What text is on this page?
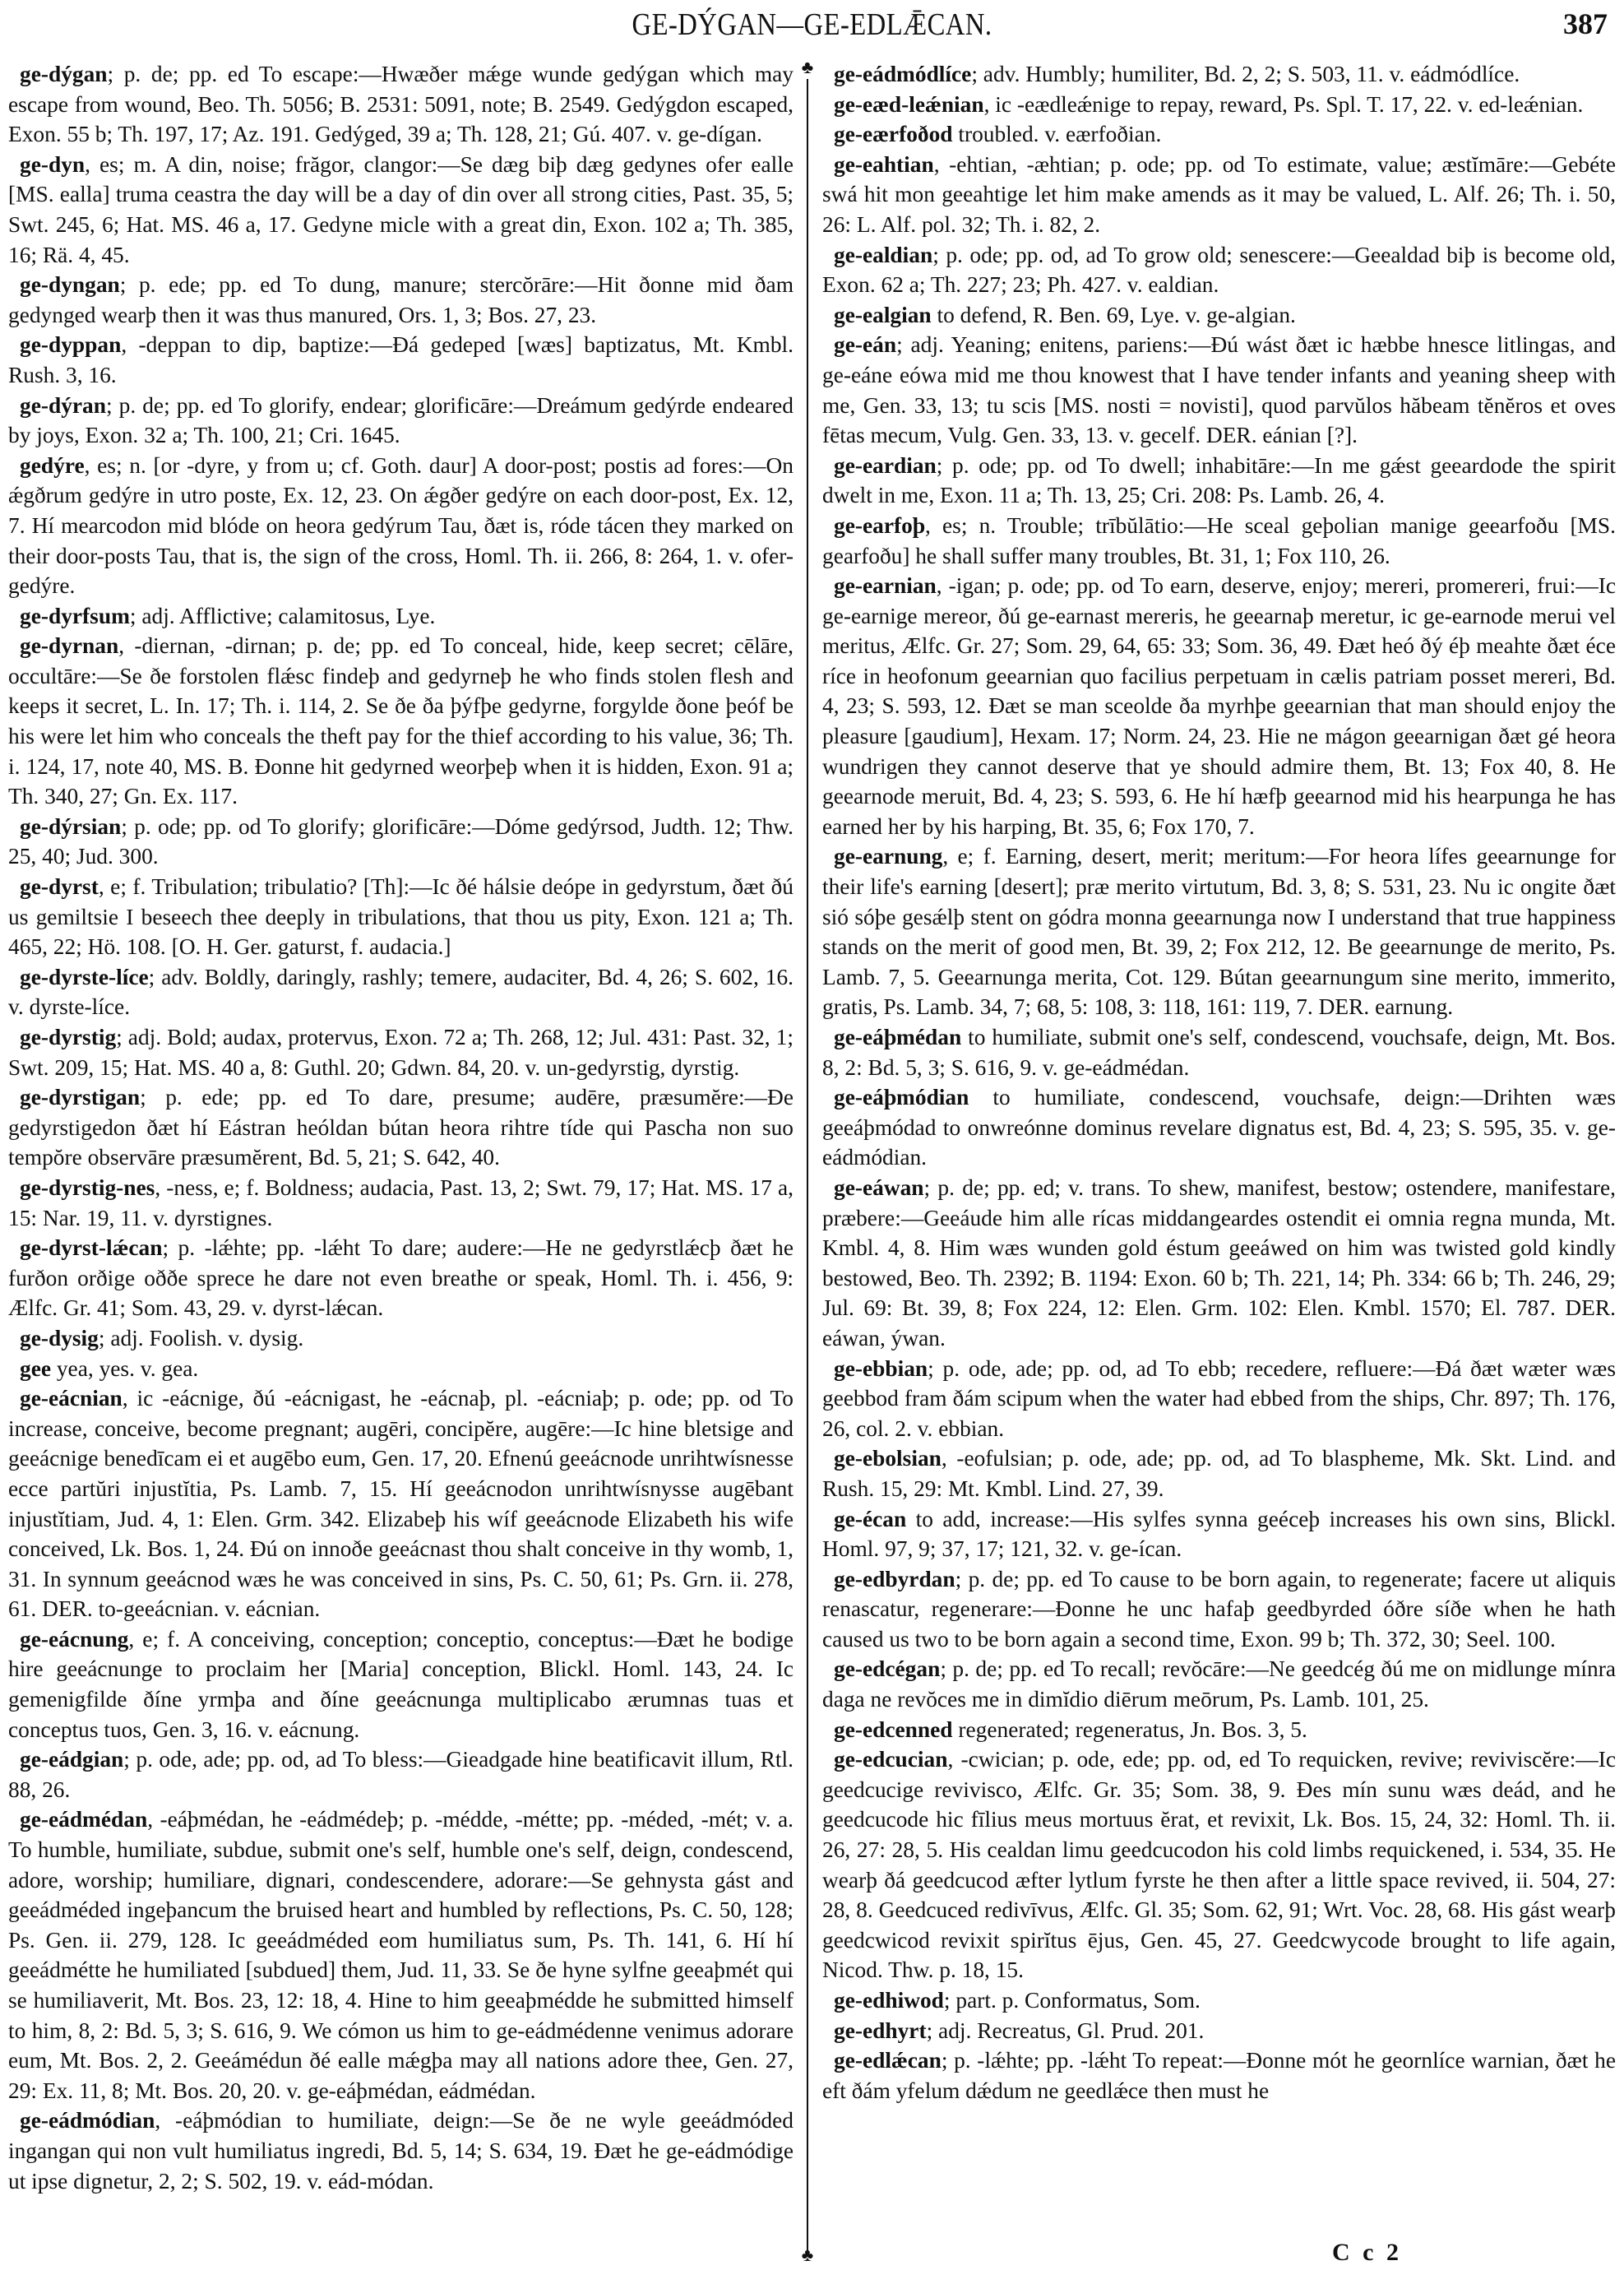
GE-DÝGAN—GE-EDLǢCAN.	387
♣
♣

ge-dýgan; p. de; pp. ed To escape:—Hwæðer mǽge wunde gedýgan which may escape from wound, Beo. Th. 5056; B. 2531: 5091, note; B. 2549. Gedýgdon escaped, Exon. 55 b; Th. 197, 17; Az. 191. Gedýged, 39 a; Th. 128, 21; Gú. 407. v. ge-dígan.

ge-dyn, es; m. A din, noise; frăgor, clangor:—Se dæg biþ dæg gedynes ofer ealle [MS. ealla] truma ceastra the day will be a day of din over all strong cities, Past. 35, 5; Swt. 245, 6; Hat. MS. 46 a, 17. Gedyne micle with a great din, Exon. 102 a; Th. 385, 16; Rä. 4, 45.

ge-dyngan; p. ede; pp. ed To dung, manure; stercŏrāre:—Hit ðonne mid ðam gedynged wearþ then it was thus manured, Ors. 1, 3; Bos. 27, 23.

ge-dyppan, -deppan to dip, baptize:—Ðá gedeped [wæs] baptizatus, Mt. Kmbl. Rush. 3, 16.

ge-dýran; p. de; pp. ed To glorify, endear; glorificāre:—Dreámum gedýrde endeared by joys, Exon. 32 a; Th. 100, 21; Cri. 1645.

gedýre, es; n. [or -dyre, y from u; cf. Goth. daur] A door-post; postis ad fores:—On ǽgðrum gedýre in utro poste, Ex. 12, 23. On ǽgðer gedýre on each door-post, Ex. 12, 7. Hí mearcodon mid blóde on heora gedýrum Tau, ðæt is, róde tácen they marked on their door-posts Tau, that is, the sign of the cross, Homl. Th. ii. 266, 8: 264, 1. v. ofer-gedýre.

ge-dyrfsum; adj. Afflictive; calamitosus, Lye.

ge-dyrnan, -diernan, -dirnan; p. de; pp. ed To conceal, hide, keep secret; cēlāre, occultāre:—Se ðe forstolen flǽsc findeþ and gedyrneþ he who finds stolen flesh and keeps it secret, L. In. 17; Th. i. 114, 2. Se ðe ða þýfþe gedyrne, forgylde ðone þeóf be his were let him who conceals the theft pay for the thief according to his value, 36; Th. i. 124, 17, note 40, MS. B. Ðonne hit gedyrned weorþeþ when it is hidden, Exon. 91 a; Th. 340, 27; Gn. Ex. 117.

ge-dýrsian; p. ode; pp. od To glorify; glorificāre:—Dóme gedýrsod, Judth. 12; Thw. 25, 40; Jud. 300.

ge-dyrst, e; f. Tribulation; tribulatio? [Th]:—Ic ðé hálsie deópe in gedyrstum, ðæt ðú us gemiltsie I beseech thee deeply in tribulations, that thou us pity, Exon. 121 a; Th. 465, 22; Hö. 108. [O. H. Ger. gaturst, f. audacia.]

ge-dyrste-líce; adv. Boldly, daringly, rashly; temere, audaciter, Bd. 4, 26; S. 602, 16. v. dyrste-líce.

ge-dyrstig; adj. Bold; audax, protervus, Exon. 72 a; Th. 268, 12; Jul. 431: Past. 32, 1; Swt. 209, 15; Hat. MS. 40 a, 8: Guthl. 20; Gdwn. 84, 20. v. un-gedyrstig, dyrstig.

ge-dyrstigan; p. ede; pp. ed To dare, presume; audēre, præsumĕre:—Ðe gedyrstigedon ðæt hí Eástran heóldan bútan heora rihtre tíde qui Pascha non suo tempŏre observāre præsumĕrent, Bd. 5, 21; S. 642, 40.

ge-dyrstig-nes, -ness, e; f. Boldness; audacia, Past. 13, 2; Swt. 79, 17; Hat. MS. 17 a, 15: Nar. 19, 11. v. dyrstignes.

ge-dyrst-lǽcan; p. -lǽhte; pp. -lǽht To dare; audere:—He ne gedyrstlǽcþ ðæt he furðon orðige oððe sprece he dare not even breathe or speak, Homl. Th. i. 456, 9: Ælfc. Gr. 41; Som. 43, 29. v. dyrst-lǽcan.

ge-dysig; adj. Foolish. v. dysig.

gee yea, yes. v. gea.

ge-eácnian, ic -eácnige, ðú -eácnigast, he -eácnaþ, pl. -eácniaþ; p. ode; pp. od To increase, conceive, become pregnant; augēri, concipĕre, augēre:—Ic hine bletsige and geeácnige benedīcam ei et augēbo eum, Gen. 17, 20. Efnenú geeácnode unrihtwísnesse ecce partŭri injustĭtia, Ps. Lamb. 7, 15. Hí geeácnodon unrihtwísnysse augēbant injustĭtiam, Jud. 4, 1: Elen. Grm. 342. Elizabeþ his wíf geeácnode Elizabeth his wife conceived, Lk. Bos. 1, 24. Ðú on innoðe geeácnast thou shalt conceive in thy womb, 1, 31. In synnum geeácnod wæs he was conceived in sins, Ps. C. 50, 61; Ps. Grn. ii. 278, 61. DER. to-geeácnian. v. eácnian.

ge-eácnung, e; f. A conceiving, conception; conceptio, conceptus:—Ðæt he bodige hire geeácnunge to proclaim her [Maria] conception, Blickl. Homl. 143, 24. Ic gemenigfilde ðíne yrmþa and ðíne geeácnunga multiplicabo ærumnas tuas et conceptus tuos, Gen. 3, 16. v. eácnung.

ge-eádgian; p. ode, ade; pp. od, ad To bless:—Gieadgade hine beatificavit illum, Rtl. 88, 26.

ge-eádmédan, -eáþmédan, he -eádmédeþ; p. -médde, -métte; pp. -méded, -mét; v. a. To humble, humiliate, subdue, submit one's self, humble one's self, deign, condescend, adore, worship; humiliare, dignari, condescendere, adorare:—Se gehnysta gást and geeádméded ingeþancum the bruised heart and humbled by reflections, Ps. C. 50, 128; Ps. Gen. ii. 279, 128. Ic geeádméded eom humiliatus sum, Ps. Th. 141, 6. Hí hí geeádmétte he humiliated [subdued] them, Jud. 11, 33. Se ðe hyne sylfne geeaþmét qui se humiliaverit, Mt. Bos. 23, 12: 18, 4. Hine to him geeaþmédde he submitted himself to him, 8, 2: Bd. 5, 3; S. 616, 9. We cómon us him to ge-eádmédenne venimus adorare eum, Mt. Bos. 2, 2. Geeámédun ðé ealle mǽgþa may all nations adore thee, Gen. 27, 29: Ex. 11, 8; Mt. Bos. 20, 20. v. ge-eáþmédan, eádmédan.

ge-eádmódian, -eáþmódian to humiliate, deign:—Se ðe ne wyle geeádmóded ingangan qui non vult humiliatus ingredi, Bd. 5, 14; S. 634, 19. Ðæt he ge-eádmódige ut ipse dignetur, 2, 2; S. 502, 19. v. eád-módan.

ge-eádmódlíce; adv. Humbly; humiliter, Bd. 2, 2; S. 503, 11. v. eádmódlíce.

ge-eæd-leǽnian, ic -eædleǽnige to repay, reward, Ps. Spl. T. 17, 22. v. ed-leǽnian.

ge-eærfoðod troubled. v. eærfoðian.

ge-eahtian, -ehtian, -æhtian; p. ode; pp. od To estimate, value; æstĭmāre:—Gebéte swá hit mon geeahtige let him make amends as it may be valued, L. Alf. 26; Th. i. 50, 26: L. Alf. pol. 32; Th. i. 82, 2.

ge-ealdian; p. ode; pp. od, ad To grow old; senescere:—Geealdad biþ is become old, Exon. 62 a; Th. 227; 23; Ph. 427. v. ealdian.

ge-ealgian to defend, R. Ben. 69, Lye. v. ge-algian.

ge-eán; adj. Yeaning; enitens, pariens:—Ðú wást ðæt ic hæbbe hnesce litlingas, and ge-eáne eówa mid me thou knowest that I have tender infants and yeaning sheep with me, Gen. 33, 13; tu scis [MS. nosti = novisti], quod parvŭlos hăbeam tĕnĕros et oves fētas mecum, Vulg. Gen. 33, 13. v. gecelf. DER. eánian [?].

ge-eardian; p. ode; pp. od To dwell; inhabitāre:—In me gǽst geeardode the spirit dwelt in me, Exon. 11 a; Th. 13, 25; Cri. 208: Ps. Lamb. 26, 4.

ge-earfoþ, es; n. Trouble; trībŭlātio:—He sceal geþolian manige geearfoðu [MS. gearfoðu] he shall suffer many troubles, Bt. 31, 1; Fox 110, 26.

ge-earnian, -igan; p. ode; pp. od To earn, deserve, enjoy; mereri, promereri, frui:—Ic ge-earnige mereor, ðú ge-earnast mereris, he geearnaþ meretur, ic ge-earnode merui vel meritus, Ælfc. Gr. 27; Som. 29, 64, 65: 33; Som. 36, 49. Ðæt heó ðý éþ meahte ðæt éce ríce in heofonum geearnian quo facilius perpetuam in cælis patriam posset mereri, Bd. 4, 23; S. 593, 12. Ðæt se man sceolde ða myrhþe geearnian that man should enjoy the pleasure [gaudium], Hexam. 17; Norm. 24, 23. Hie ne mágon geearnigan ðæt gé heora wundrigen they cannot deserve that ye should admire them, Bt. 13; Fox 40, 8. He geearnode meruit, Bd. 4, 23; S. 593, 6. He hí hæfþ geearnod mid his hearpunga he has earned her by his harping, Bt. 35, 6; Fox 170, 7.

ge-earnung, e; f. Earning, desert, merit; meritum:—For heora lífes geearnunge for their life's earning [desert]; præ merito virtutum, Bd. 3, 8; S. 531, 23. Nu ic ongite ðæt sió sóþe gesǽlþ stent on gódra monna geearnunga now I understand that true happiness stands on the merit of good men, Bt. 39, 2; Fox 212, 12. Be geearnunge de merito, Ps. Lamb. 7, 5. Geearnunga merita, Cot. 129. Bútan geearnungum sine merito, immerito, gratis, Ps. Lamb. 34, 7; 68, 5: 108, 3: 118, 161: 119, 7. DER. earnung.

ge-eáþmédan to humiliate, submit one's self, condescend, vouchsafe, deign, Mt. Bos. 8, 2: Bd. 5, 3; S. 616, 9. v. ge-eádmédan.

ge-eáþmódian to humiliate, condescend, vouchsafe, deign:—Drihten wæs geeáþmódad to onwreónne dominus revelare dignatus est, Bd. 4, 23; S. 595, 35. v. ge-eádmódian.

ge-eáwan; p. de; pp. ed; v. trans. To shew, manifest, bestow; ostendere, manifestare, præbere:—Geeáude him alle rícas middangeardes ostendit ei omnia regna munda, Mt. Kmbl. 4, 8. Him wæs wunden gold éstum geeáwed on him was twisted gold kindly bestowed, Beo. Th. 2392; B. 1194: Exon. 60 b; Th. 221, 14; Ph. 334: 66 b; Th. 246, 29; Jul. 69: Bt. 39, 8; Fox 224, 12: Elen. Grm. 102: Elen. Kmbl. 1570; El. 787. DER. eáwan, ýwan.

ge-ebbian; p. ode, ade; pp. od, ad To ebb; recedere, refluere:—Ðá ðæt wæter wæs geebbod fram ðám scipum when the water had ebbed from the ships, Chr. 897; Th. 176, 26, col. 2. v. ebbian.

ge-ebolsian, -eofulsian; p. ode, ade; pp. od, ad To blaspheme, Mk. Skt. Lind. and Rush. 15, 29: Mt. Kmbl. Lind. 27, 39.

ge-écan to add, increase:—His sylfes synna geéceþ increases his own sins, Blickl. Homl. 97, 9; 37, 17; 121, 32. v. ge-ícan.

ge-edbyrdan; p. de; pp. ed To cause to be born again, to regenerate; facere ut aliquis renascatur, regenerare:—Ðonne he unc hafaþ geedbyrded óðre síðe when he hath caused us two to be born again a second time, Exon. 99 b; Th. 372, 30; Seel. 100.

ge-edcégan; p. de; pp. ed To recall; revŏcāre:—Ne geedcég ðú me on midlunge mínra daga ne revŏces me in dimĭdio diērum meōrum, Ps. Lamb. 101, 25.

ge-edcenned regenerated; regeneratus, Jn. Bos. 3, 5.

ge-edcucian, -cwician; p. ode, ede; pp. od, ed To requicken, revive; reviviscĕre:—Ic geedcucige revivisco, Ælfc. Gr. 35; Som. 38, 9. Ðes mín sunu wæs deád, and he geedcucode hic fīlius meus mortuus ĕrat, et revixit, Lk. Bos. 15, 24, 32: Homl. Th. ii. 26, 27: 28, 5. His cealdan limu geedcucodon his cold limbs requickened, i. 534, 35. He wearþ ðá geedcucod æfter lytlum fyrste he then after a little space revived, ii. 504, 27: 28, 8. Geedcuced redivīvus, Ælfc. Gl. 35; Som. 62, 91; Wrt. Voc. 28, 68. His gást wearþ geedcwicod revixit spirĭtus ējus, Gen. 45, 27. Geedcwycode brought to life again, Nicod. Thw. p. 18, 15.

ge-edhiwod; part. p. Conformatus, Som.

ge-edhyrt; adj. Recreatus, Gl. Prud. 201.

ge-edlǽcan; p. -lǽhte; pp. -lǽht To repeat:—Ðonne mót he geornlíce warnian, ðæt he eft ðám yfelum dǽdum ne geedlǽce then must he

C c 2
